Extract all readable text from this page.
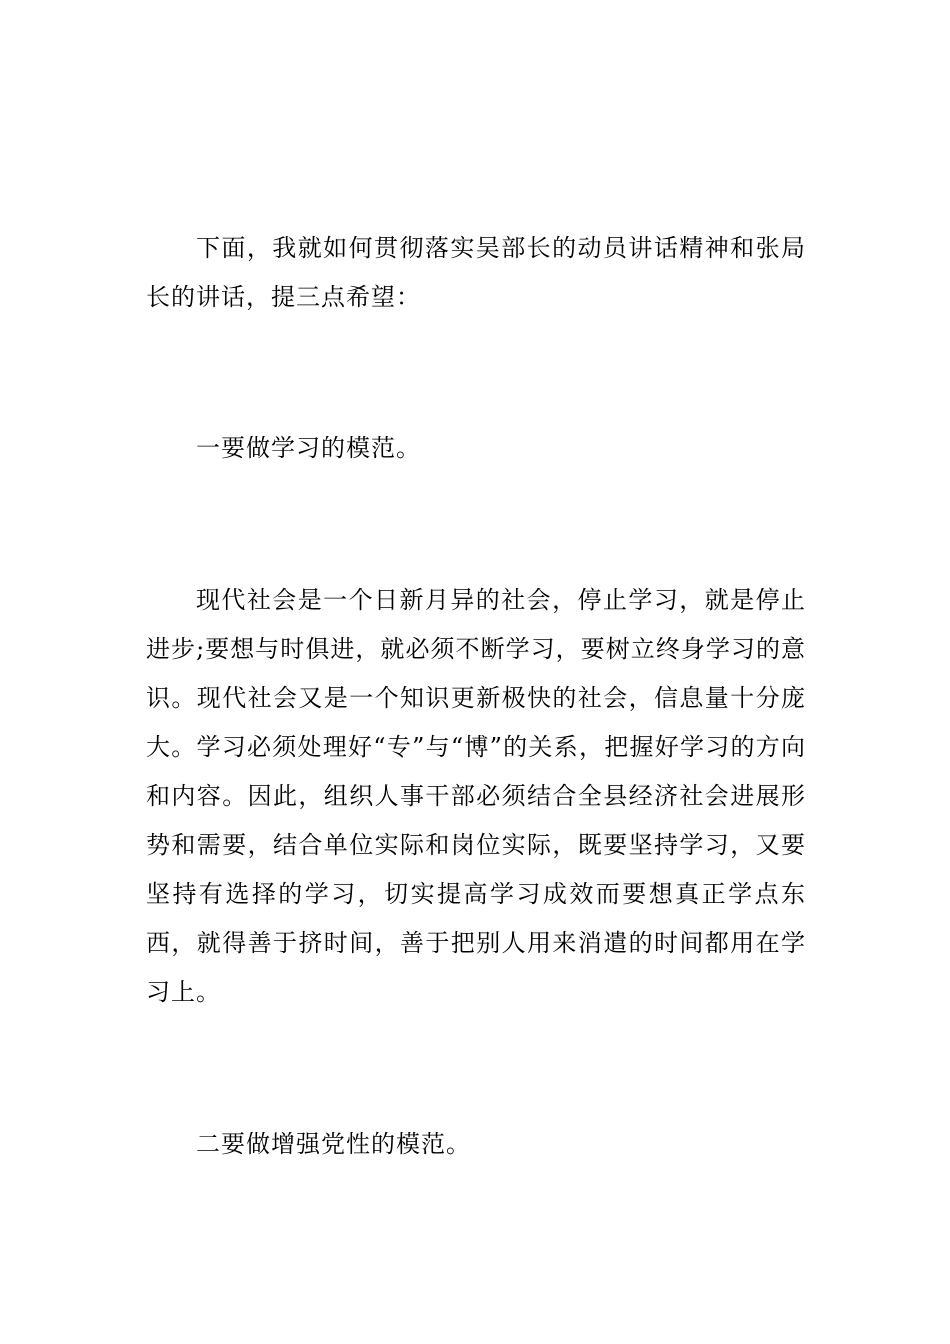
下面，我就如何贯彻落实吴部长的动员讲话精神和张局长的讲话，提三点希望：

一要做学习的模范。

现代社会是一个日新月异的社会，停止学习，就是停止进步;要想与时俱进，就必须不断学习，要树立终身学习的意识。现代社会又是一个知识更新极快的社会，信息量十分庞大。学习必须处理好“专”与“博”的关系，把握好学习的方向和内容。因此，组织人事干部必须结合全县经济社会进展形势和需要，结合单位实际和岗位实际，既要坚持学习，又要坚持有选择的学习，切实提高学习成效而要想真正学点东西，就得善于挤时间，善于把别人用来消遣的时间都用在学习上。

二要做增强党性的模范。
